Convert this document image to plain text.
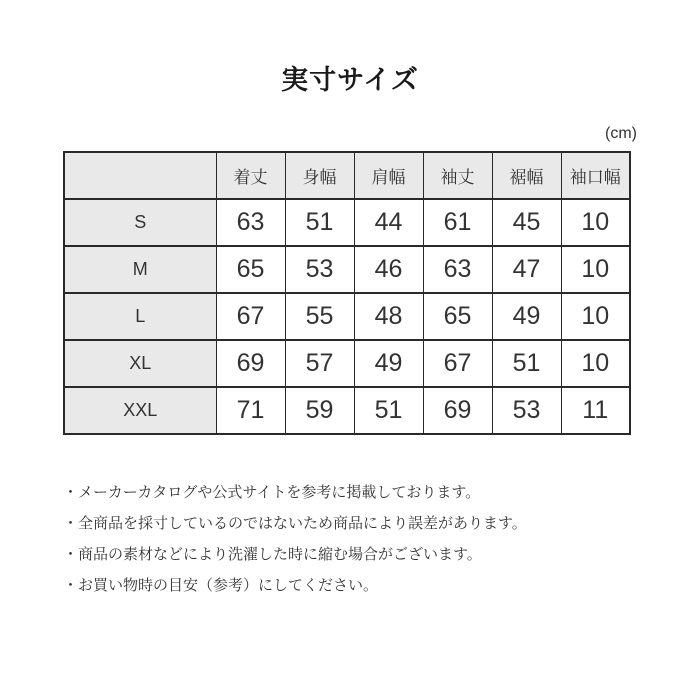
実寸サイズ
(cm)
	着丈	身幅	肩幅	袖丈	裾幅	袖口幅
S	63	51	44	61	45	10
M	65	53	46	63	47	10
L	67	55	48	65	49	10
XL	69	57	49	67	51	10
XXL	71	59	51	69	53	11
・メーカーカタログや公式サイトを参考に掲載しております。
・全商品を採寸しているのではないため商品により誤差があります。
・商品の素材などにより洗濯した時に縮む場合がございます。
・お買い物時の目安（参考）にしてください。
